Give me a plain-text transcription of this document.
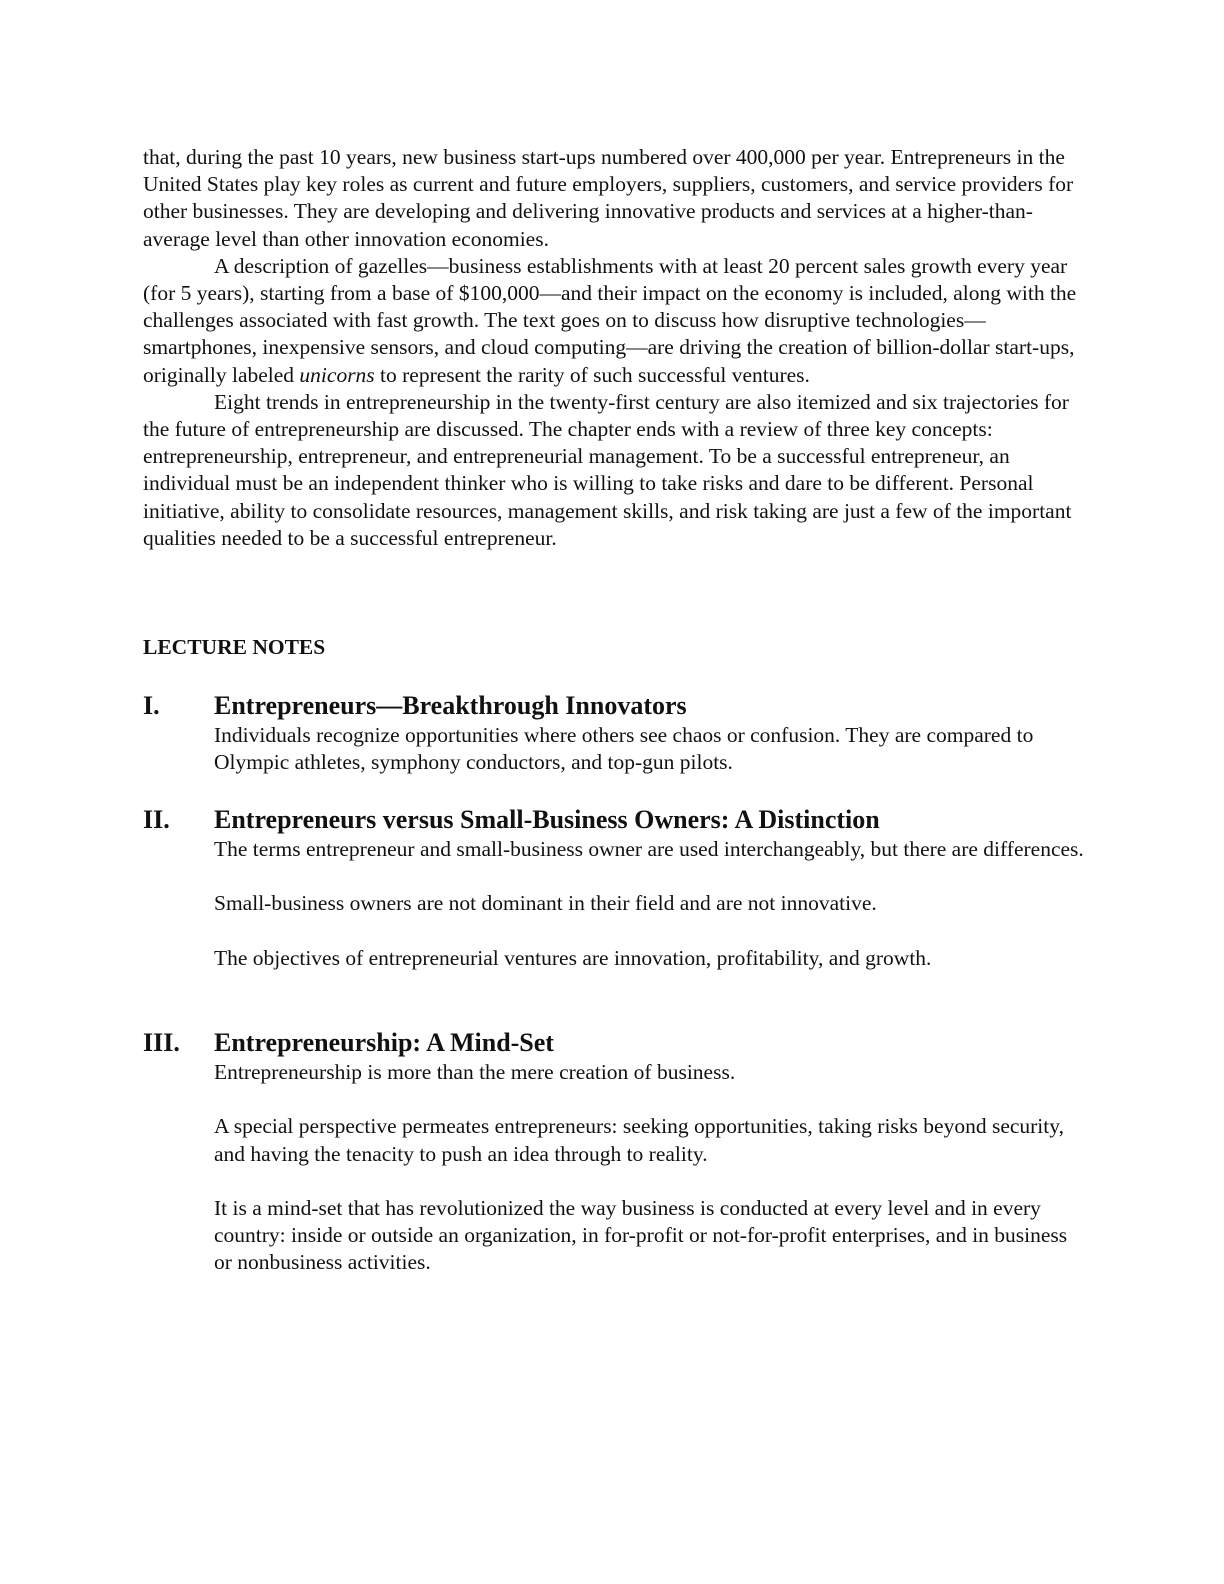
that, during the past 10 years, new business start-ups numbered over 400,000 per year. Entrepreneurs in the United States play key roles as current and future employers, suppliers, customers, and service providers for other businesses. They are developing and delivering innovative products and services at a higher-than-average level than other innovation economies.

A description of gazelles—business establishments with at least 20 percent sales growth every year (for 5 years), starting from a base of $100,000—and their impact on the economy is included, along with the challenges associated with fast growth. The text goes on to discuss how disruptive technologies—smartphones, inexpensive sensors, and cloud computing—are driving the creation of billion-dollar start-ups, originally labeled unicorns to represent the rarity of such successful ventures.

Eight trends in entrepreneurship in the twenty-first century are also itemized and six trajectories for the future of entrepreneurship are discussed. The chapter ends with a review of three key concepts: entrepreneurship, entrepreneur, and entrepreneurial management. To be a successful entrepreneur, an individual must be an independent thinker who is willing to take risks and dare to be different. Personal initiative, ability to consolidate resources, management skills, and risk taking are just a few of the important qualities needed to be a successful entrepreneur.

LECTURE NOTES
I. Entrepreneurs—Breakthrough Innovators

Individuals recognize opportunities where others see chaos or confusion. They are compared to Olympic athletes, symphony conductors, and top-gun pilots.

II. Entrepreneurs versus Small-Business Owners: A Distinction

The terms entrepreneur and small-business owner are used interchangeably, but there are differences.

Small-business owners are not dominant in their field and are not innovative.

The objectives of entrepreneurial ventures are innovation, profitability, and growth.

III. Entrepreneurship: A Mind-Set

Entrepreneurship is more than the mere creation of business.

A special perspective permeates entrepreneurs: seeking opportunities, taking risks beyond security, and having the tenacity to push an idea through to reality.

It is a mind-set that has revolutionized the way business is conducted at every level and in every country: inside or outside an organization, in for-profit or not-for-profit enterprises, and in business or nonbusiness activities.
